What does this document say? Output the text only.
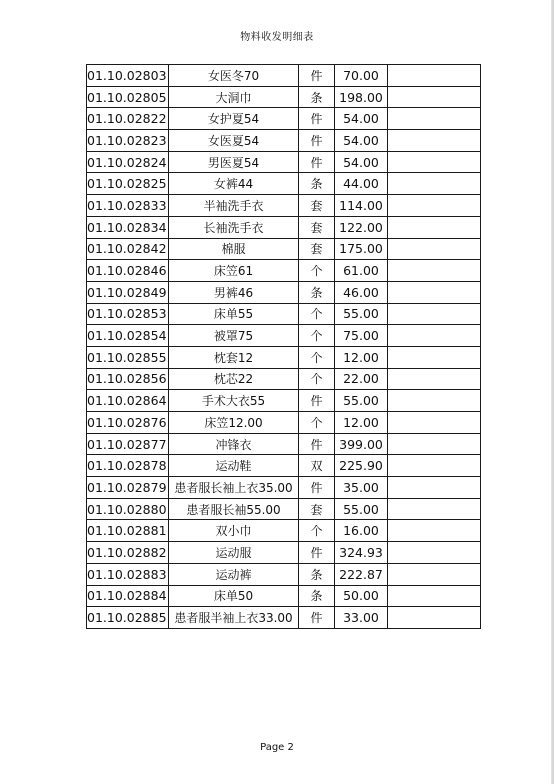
物料收发明细表
01.10.02803	女医冬70	件	70.00	
01.10.02805	大洞巾	条	198.00	
01.10.02822	女护夏54	件	54.00	
01.10.02823	女医夏54	件	54.00	
01.10.02824	男医夏54	件	54.00	
01.10.02825	女裤44	条	44.00	
01.10.02833	半袖洗手衣	套	114.00	
01.10.02834	长袖洗手衣	套	122.00	
01.10.02842	棉服	套	175.00	
01.10.02846	床笠61	个	61.00	
01.10.02849	男裤46	条	46.00	
01.10.02853	床单55	个	55.00	
01.10.02854	被罩75	个	75.00	
01.10.02855	枕套12	个	12.00	
01.10.02856	枕芯22	个	22.00	
01.10.02864	手术大衣55	件	55.00	
01.10.02876	床笠12.00	个	12.00	
01.10.02877	冲锋衣	件	399.00	
01.10.02878	运动鞋	双	225.90	
01.10.02879	患者服长袖上衣35.00	件	35.00	
01.10.02880	患者服长袖55.00	套	55.00	
01.10.02881	双小巾	个	16.00	
01.10.02882	运动服	件	324.93	
01.10.02883	运动裤	条	222.87	
01.10.02884	床单50	条	50.00	
01.10.02885	患者服半袖上衣33.00	件	33.00	
Page 2
